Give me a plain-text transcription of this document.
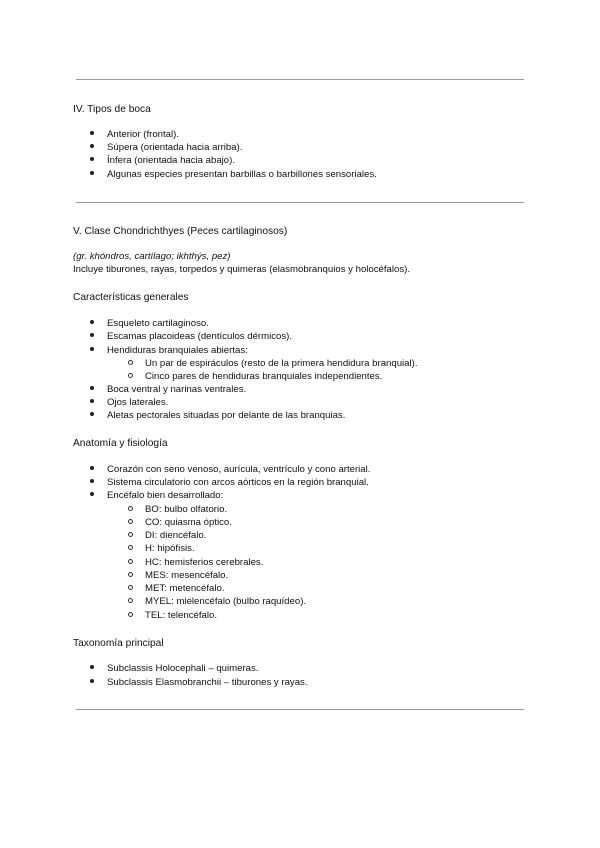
IV. Tipos de boca
Anterior (frontal).
Súpera (orientada hacia arriba).
Ínfera (orientada hacia abajo).
Algunas especies presentan barbillas o barbillones sensoriales.
V. Clase Chondrichthyes (Peces cartilaginosos)
(gr. khóndros, cartílago; ikhthýs, pez)
Incluye tiburones, rayas, torpedos y quimeras (elasmobranquios y holocéfalos).
Características generales
Esqueleto cartilaginoso.
Escamas placoideas (dentículos dérmicos).
Hendiduras branquiales abiertas:
Un par de espiráculos (resto de la primera hendidura branquial).
Cinco pares de hendiduras branquiales independientes.
Boca ventral y narinas ventrales.
Ojos laterales.
Aletas pectorales situadas por delante de las branquias.
Anatomía y fisiología
Corazón con seno venoso, aurícula, ventrículo y cono arterial.
Sistema circulatorio con arcos aórticos en la región branquial.
Encéfalo bien desarrollado:
BO: bulbo olfatorio.
CO: quiasma óptico.
DI: diencéfalo.
H: hipófisis.
HC: hemisferios cerebrales.
MES: mesencéfalo.
MET: metencéfalo.
MYEL: mielencéfalo (bulbo raquídeo).
TEL: telencéfalo.
Taxonomía principal
Subclassis Holocephali – quimeras.
Subclassis Elasmobranchii – tiburones y rayas.
